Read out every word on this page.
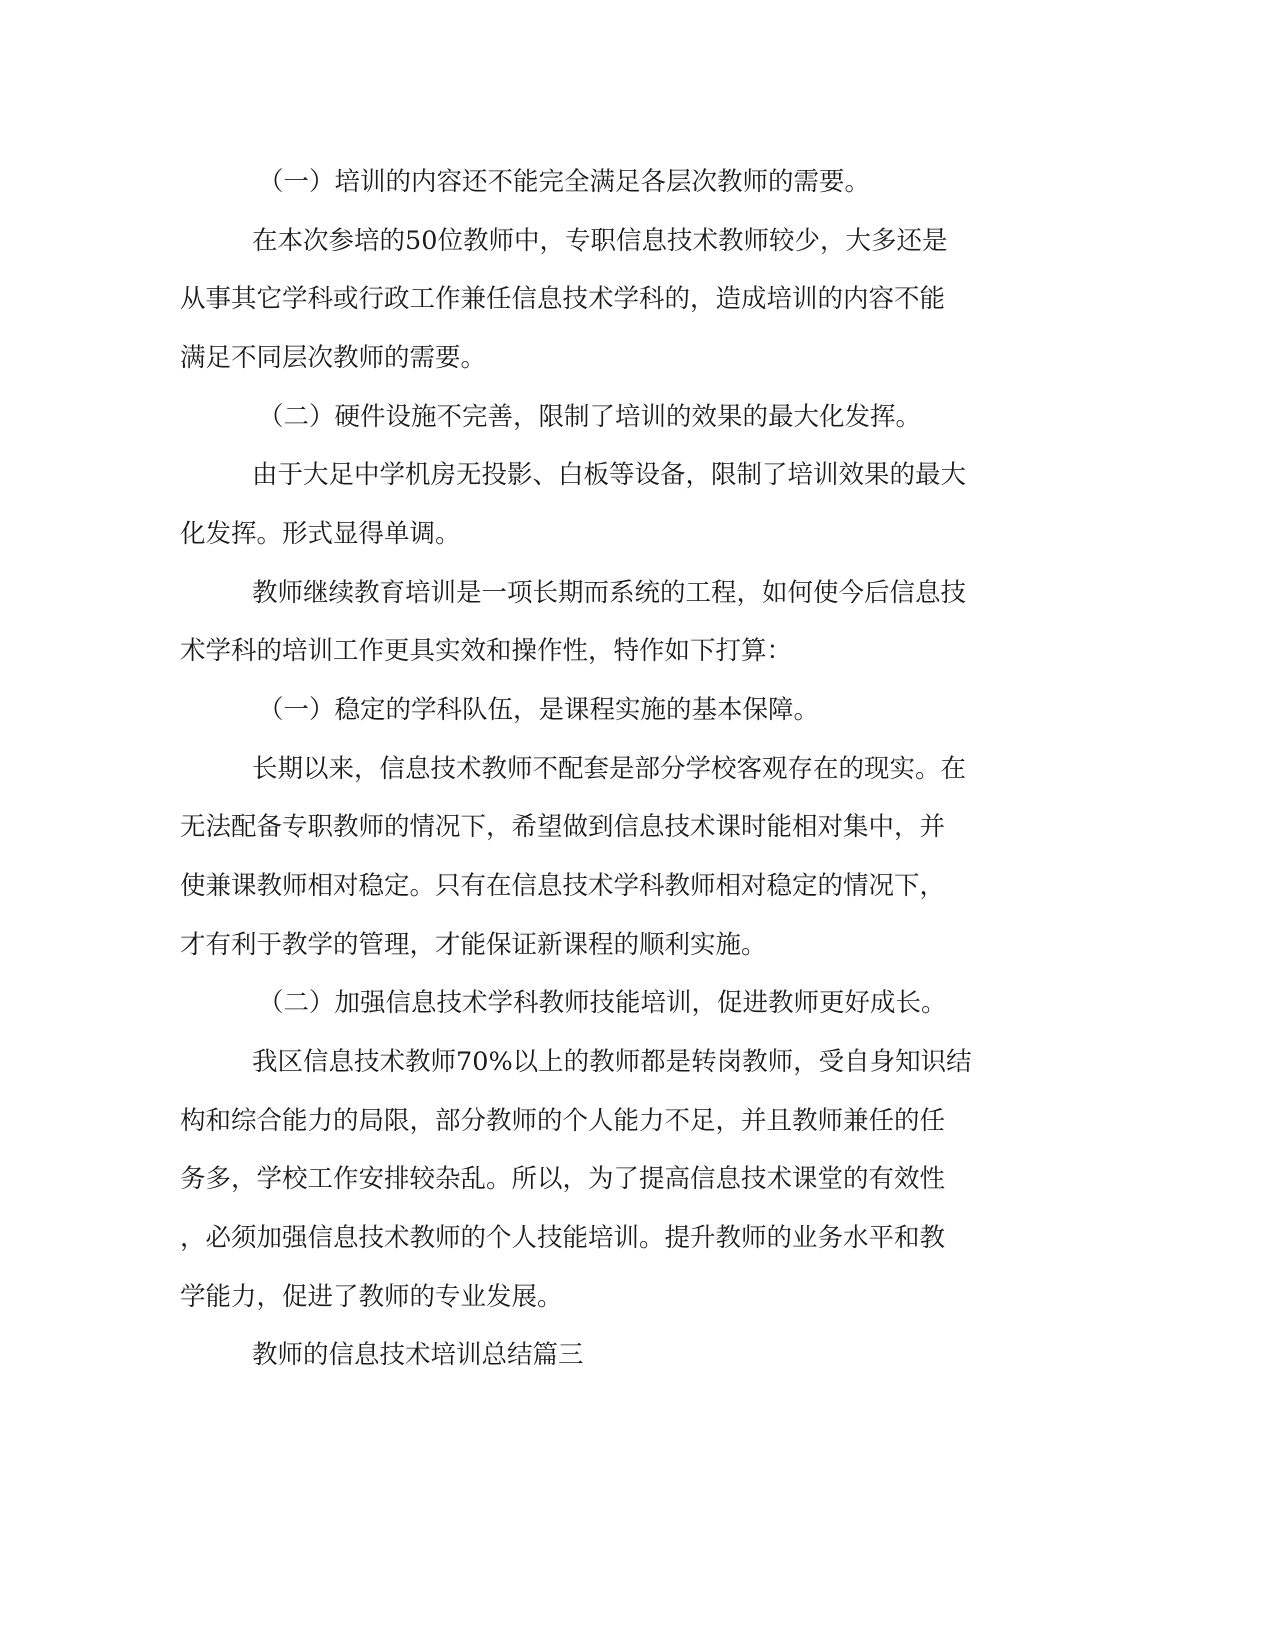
（一）培训的内容还不能完全满足各层次教师的需要。
在本次参培的50位教师中，专职信息技术教师较少，大多还是
从事其它学科或行政工作兼任信息技术学科的，造成培训的内容不能
满足不同层次教师的需要。
（二）硬件设施不完善，限制了培训的效果的最大化发挥。
由于大足中学机房无投影、白板等设备，限制了培训效果的最大
化发挥。形式显得单调。
教师继续教育培训是一项长期而系统的工程，如何使今后信息技
术学科的培训工作更具实效和操作性，特作如下打算：
（一）稳定的学科队伍，是课程实施的基本保障。
长期以来，信息技术教师不配套是部分学校客观存在的现实。在
无法配备专职教师的情况下，希望做到信息技术课时能相对集中，并
使兼课教师相对稳定。只有在信息技术学科教师相对稳定的情况下，
才有利于教学的管理，才能保证新课程的顺利实施。
（二）加强信息技术学科教师技能培训，促进教师更好成长。
我区信息技术教师70%以上的教师都是转岗教师，受自身知识结
构和综合能力的局限，部分教师的个人能力不足，并且教师兼任的任
务多，学校工作安排较杂乱。所以，为了提高信息技术课堂的有效性
，必须加强信息技术教师的个人技能培训。提升教师的业务水平和教
学能力，促进了教师的专业发展。
教师的信息技术培训总结篇三
